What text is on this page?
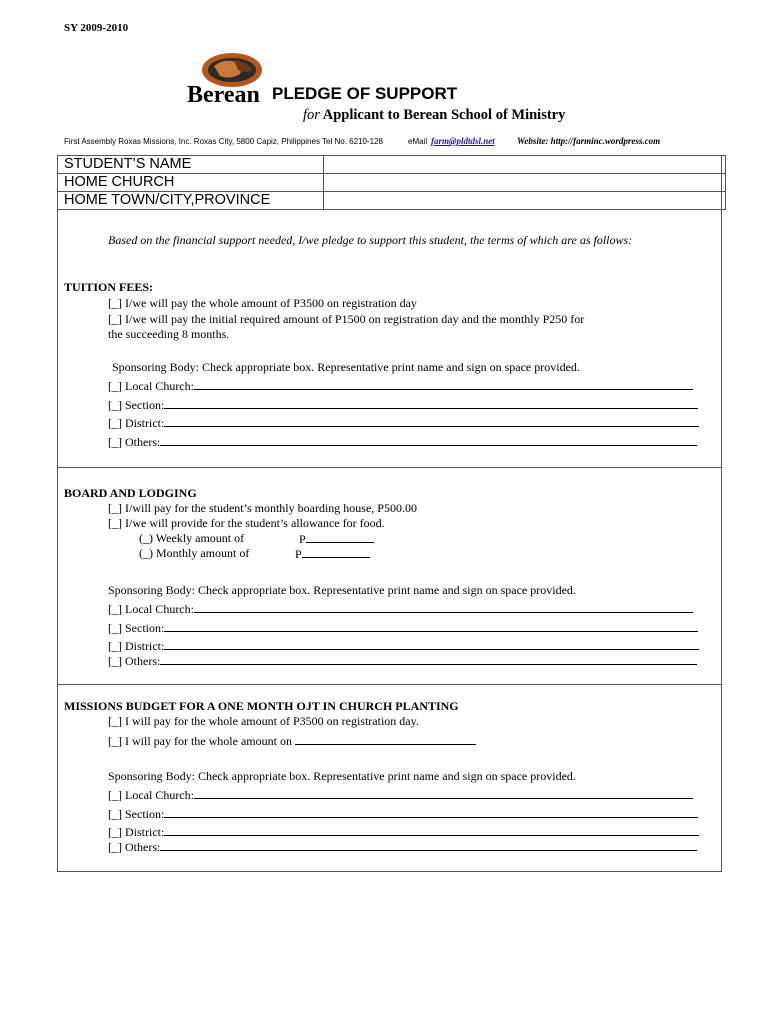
SY 2009-2010
Berean PLEDGE OF SUPPORT
for Applicant to Berean School of Ministry
First Assembly Roxas Missions, Inc. Roxas City, 5800 Capiz, Philippines Tel No. 6210-128	eMail farm@pldtdsl.net Website: http://farminc.wordpress.com
STUDENT’S NAME	
HOME CHURCH	
HOME TOWN/CITY,PROVINCE	
Based on the financial support needed, I/we pledge to support this student, the terms of which are as follows:
TUITION FEES:
[_] I/we will pay the whole amount of P3500 on registration day
[_] I/we will pay the initial required amount of P1500 on registration day and the monthly P250 for
the succeeding 8 months.
Sponsoring Body: Check appropriate box. Representative print name and sign on space provided.
[_] Local Church:
[_] Section:
[_] District:
[_] Others:
BOARD AND LODGING
[_] I/will pay for the student’s monthly boarding house, P500.00
[_] I/we will provide for the student’s allowance for food.
(_) Weekly amount of	P
(_) Monthly amount of	P
Sponsoring Body: Check appropriate box. Representative print name and sign on space provided.
[_] Local Church:
[_] Section:
[_] District:
[_] Others:
MISSIONS BUDGET FOR A ONE MONTH OJT IN CHURCH PLANTING
[_] I will pay for the whole amount of P3500 on registration day.
[_] I will pay for the whole amount on
Sponsoring Body: Check appropriate box. Representative print name and sign on space provided.
[_] Local Church:
[_] Section:
[_] District:
[_] Others:
